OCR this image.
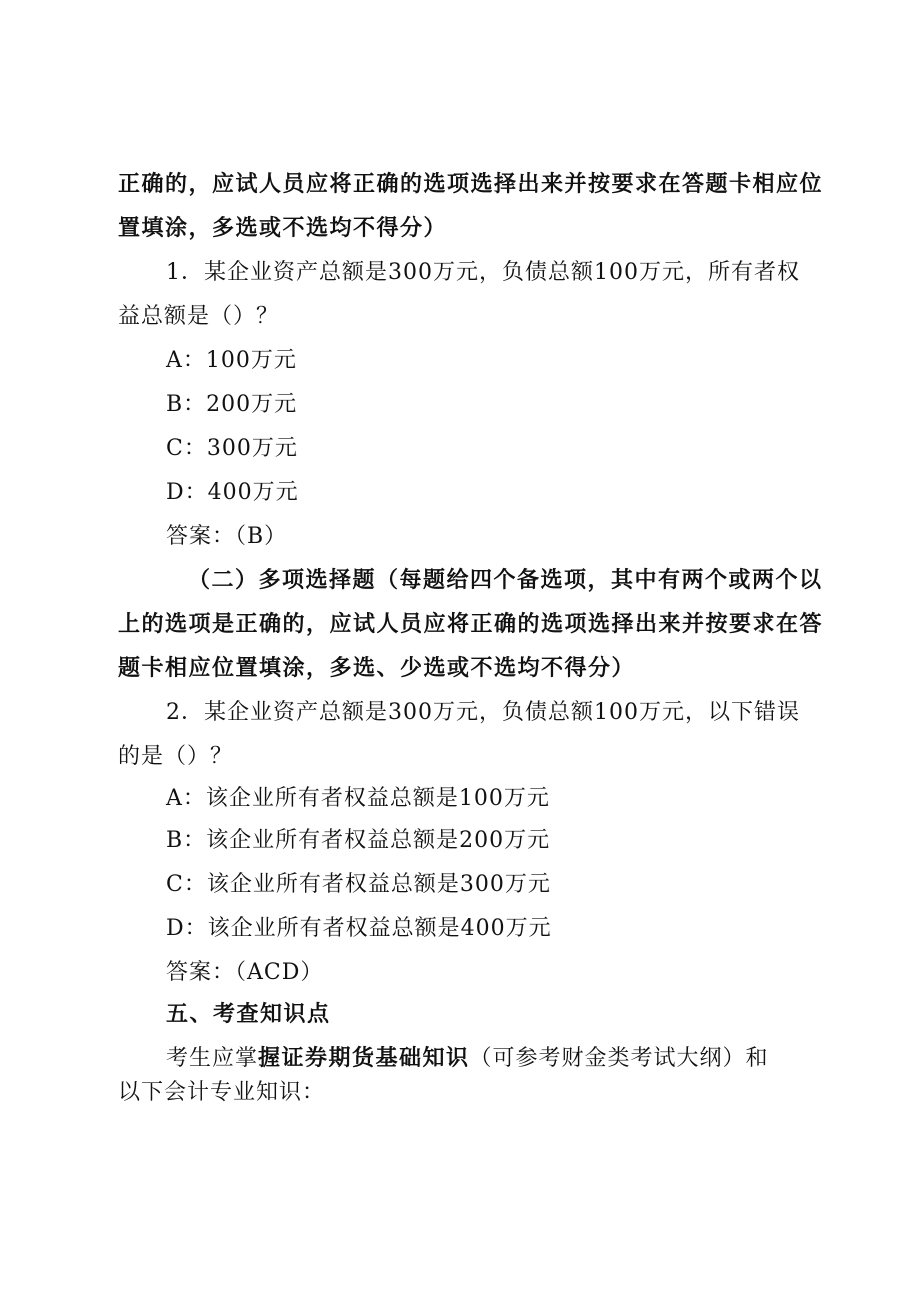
正确的，应试人员应将正确的选项选择出来并按要求在答题卡相应位
置填涂，多选或不选均不得分）
1．某企业资产总额是300万元，负债总额100万元，所有者权
益总额是（）？
A：100万元
B：200万元
C：300万元
D：400万元
答案：（B）
（二）多项选择题（每题给四个备选项，其中有两个或两个以
上的选项是正确的，应试人员应将正确的选项选择出来并按要求在答
题卡相应位置填涂，多选、少选或不选均不得分）
2．某企业资产总额是300万元，负债总额100万元，以下错误
的是（）？
A：该企业所有者权益总额是100万元
B：该企业所有者权益总额是200万元
C：该企业所有者权益总额是300万元
D：该企业所有者权益总额是400万元
答案：（ACD）
五、考查知识点
考生应掌握证券期货基础知识（可参考财金类考试大纲）和
以下会计专业知识：
